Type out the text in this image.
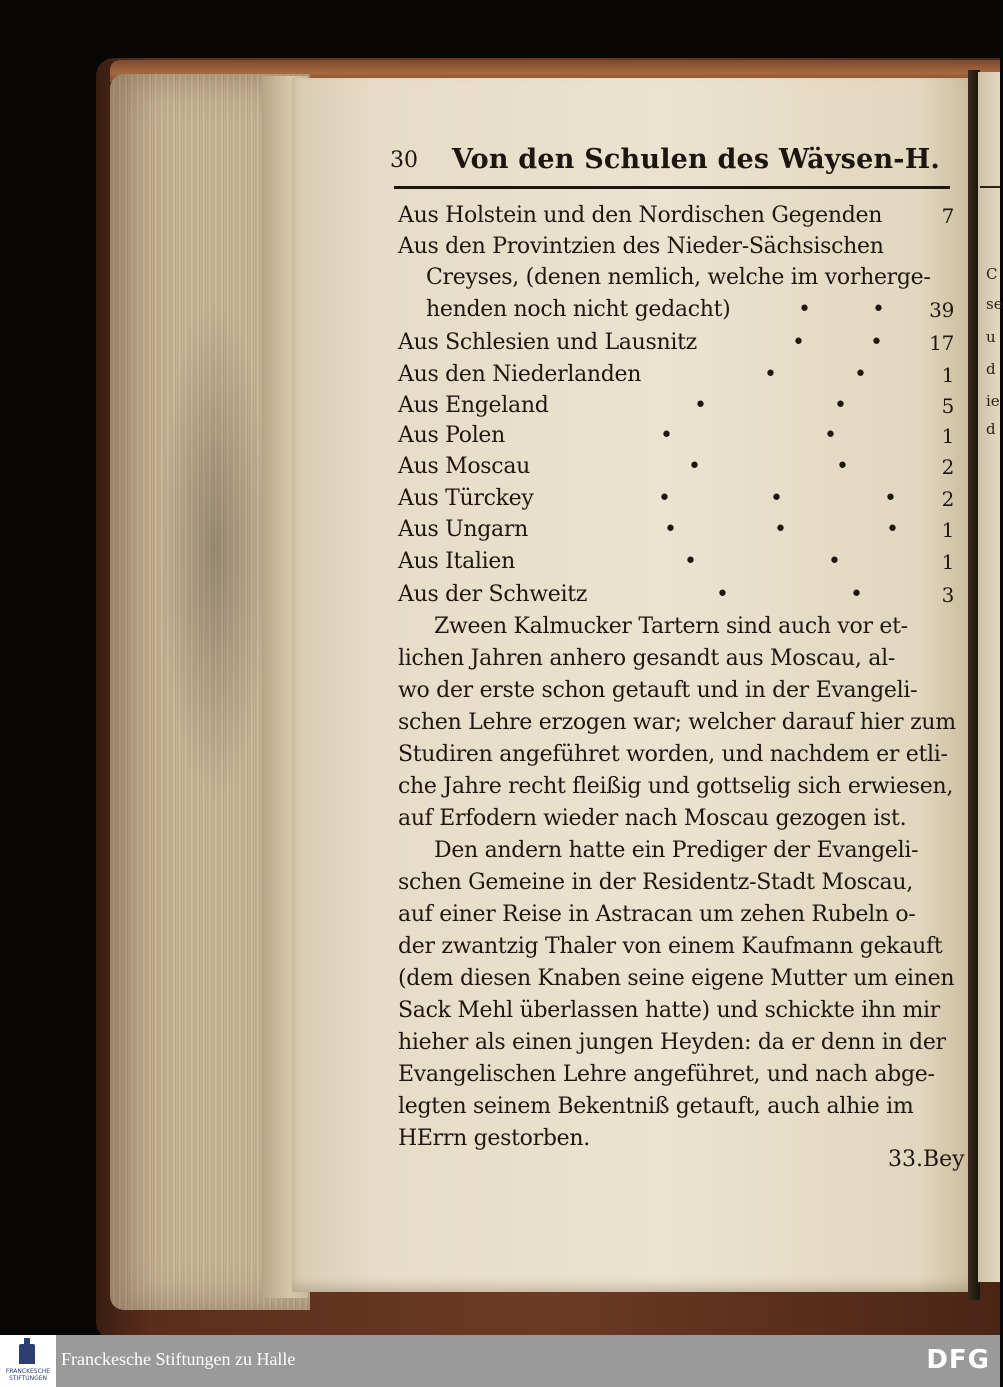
C
se
u
d
ie
d
30 Von den Schulen des Wäysen-H.
Aus Holstein und den Nordischen Gegenden	7
Aus den Provintzien des Nieder-Sächsischen
Creyses, (denen nemlich, welche im vorherge-
henden noch nicht gedacht)	•	• 39
Aus Schlesien und Lausnitz	•	• 17
Aus den Niederlanden	•	•	1
Aus Engeland	•	•	5
Aus Polen	•	•	1
Aus Moscau	•	•	2
Aus Türckey	•	•	• 2
Aus Ungarn	•	•	• 1
Aus Italien	•	•	1
Aus der Schweitz	•	•	3
Zween Kalmucker Tartern sind auch vor et-
lichen Jahren anhero gesandt aus Moscau, al-
wo der erste schon getauft und in der Evangeli-
schen Lehre erzogen war; welcher darauf hier zum
Studiren angeführet worden, und nachdem er etli-
che Jahre recht fleißig und gottselig sich erwiesen,
auf Erfodern wieder nach Moscau gezogen ist.
Den andern hatte ein Prediger der Evangeli-
schen Gemeine in der Residentz-Stadt Moscau,
auf einer Reise in Astracan um zehen Rubeln o-
der zwantzig Thaler von einem Kaufmann gekauft
(dem diesen Knaben seine eigene Mutter um einen
Sack Mehl überlassen hatte) und schickte ihn mir
hieher als einen jungen Heyden: da er denn in der
Evangelischen Lehre angeführet, und nach abge-
legten seinem Bekentniß getauft, auch alhie im
HErrn gestorben.
33.Bey
FRANCKESCHE STIFTUNGEN
Franckesche Stiftungen zu Halle	DFG
